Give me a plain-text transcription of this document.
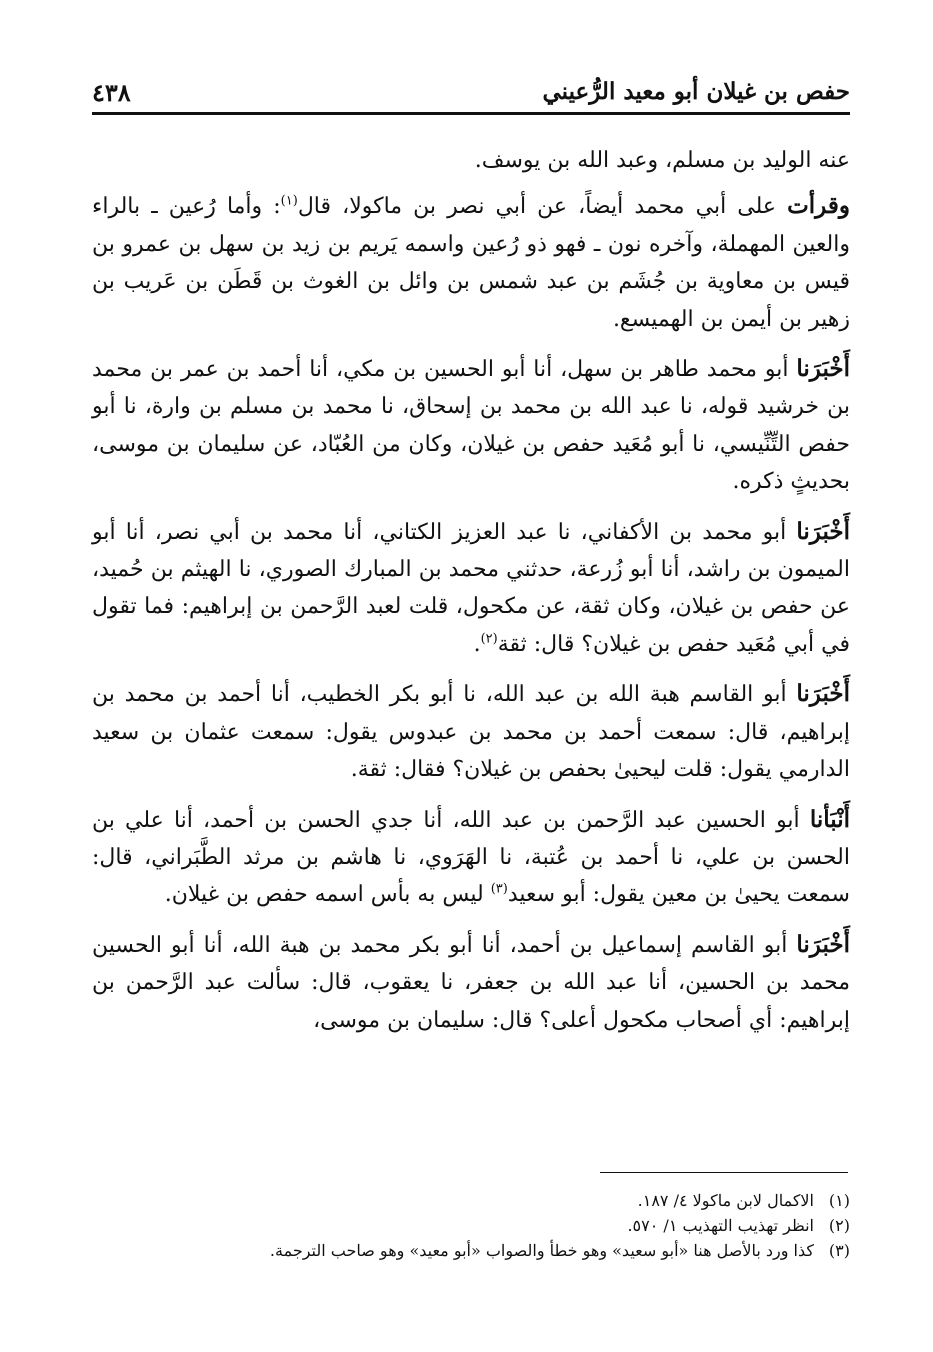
حفص بن غيلان أبو معيد الرُّعيني
٤٣٨

عنه الوليد بن مسلم، وعبد الله بن يوسف.

وقرأت على أبي محمد أيضاً، عن أبي نصر بن ماكولا، قال$^{(١)}$: وأما رُعين ـ بالراء والعين المهملة، وآخره نون ـ فهو ذو رُعين واسمه يَريم بن زيد بن سهل بن عمرو بن قيس بن معاوية بن جُشَم بن عبد شمس بن وائل بن الغوث بن قَطَن بن عَريب بن زهير بن أيمن بن الهميسع.

أَخْبَرَنا أبو محمد طاهر بن سهل، أنا أبو الحسين بن مكي، أنا أحمد بن عمر بن محمد بن خرشيد قوله، نا عبد الله بن محمد بن إسحاق، نا محمد بن مسلم بن وارة، نا أبو حفص التِّنِّيسي، نا أبو مُعَيد حفص بن غيلان، وكان من العُبّاد، عن سليمان بن موسى، بحديثٍ ذكره.

أَخْبَرَنا أبو محمد بن الأكفاني، نا عبد العزيز الكتاني، أنا محمد بن أبي نصر، أنا أبو الميمون بن راشد، أنا أبو زُرعة، حدثني محمد بن المبارك الصوري، نا الهيثم بن حُميد، عن حفص بن غيلان، وكان ثقة، عن مكحول، قلت لعبد الرَّحمن بن إبراهيم: فما تقول في أبي مُعَيد حفص بن غيلان؟ قال: ثقة$^{(٢)}$.

أَخْبَرَنا أبو القاسم هبة الله بن عبد الله، نا أبو بكر الخطيب، أنا أحمد بن محمد بن إبراهيم، قال: سمعت أحمد بن محمد بن عبدوس يقول: سمعت عثمان بن سعيد الدارمي يقول: قلت ليحيىٰ بحفص بن غيلان؟ فقال: ثقة.

أَنْبَأنا أبو الحسين عبد الرَّحمن بن عبد الله، أنا جدي الحسن بن أحمد، أنا علي بن الحسن بن علي، نا أحمد بن عُتبة، نا الهَرَوي، نا هاشم بن مرثد الطَّبَراني، قال: سمعت يحيىٰ بن معين يقول: أبو سعيد$^{(٣)}$ ليس به بأس اسمه حفص بن غيلان.

أَخْبَرَنا أبو القاسم إسماعيل بن أحمد، أنا أبو بكر محمد بن هبة الله، أنا أبو الحسين محمد بن الحسين، أنا عبد الله بن جعفر، نا يعقوب، قال: سألت عبد الرَّحمن بن إبراهيم: أي أصحاب مكحول أعلى؟ قال: سليمان بن موسى،

(١)
الاكمال لابن ماكولا ٤/ ١٨٧.
(٢)
انظر تهذيب التهذيب ١/ ٥٧٠.
(٣)
كذا ورد بالأصل هنا «أبو سعيد» وهو خطأ والصواب «أبو معيد» وهو صاحب الترجمة.
